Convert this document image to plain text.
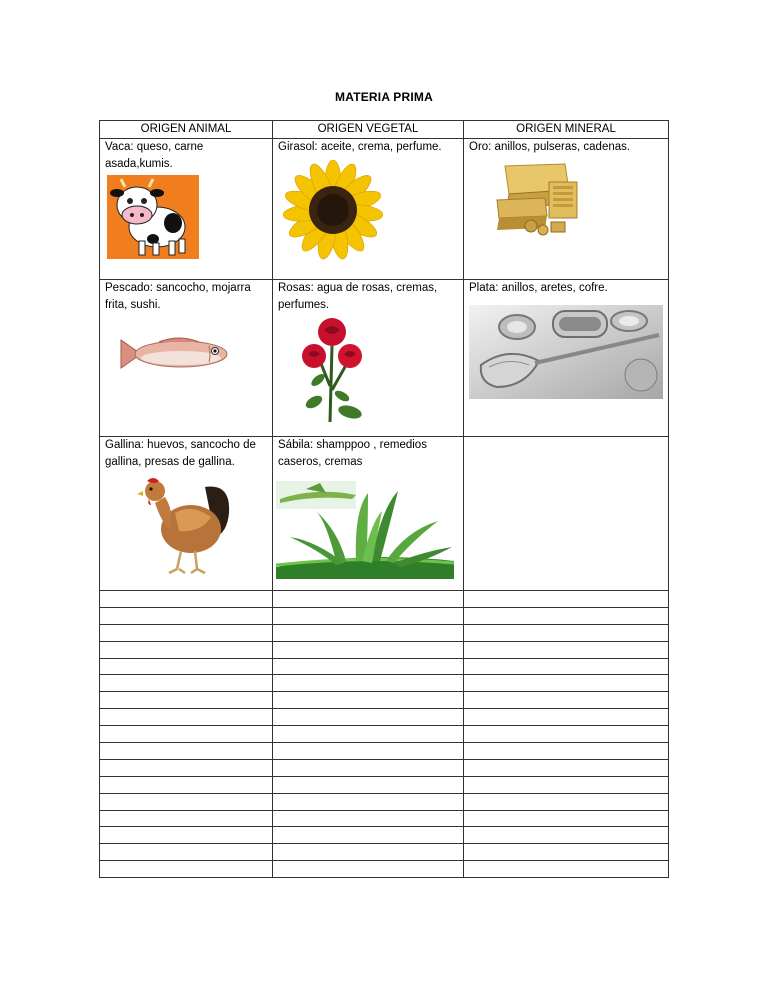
MATERIA PRIMA
ORIGEN ANIMAL	ORIGEN VEGETAL	ORIGEN MINERAL

Vaca: queso, carne asada,kumis.	Girasol: aceite, crema, perfume.	Oro: anillos, pulseras, cadenas.

Pescado: sancocho, mojarra frita, sushi.	Rosas: agua de rosas, cremas, perfumes.	Plata: anillos, aretes, cofre.

Gallina: huevos, sancocho de gallina, presas de gallina.	Sábila: shamppoo , remedios caseros, cremas	
